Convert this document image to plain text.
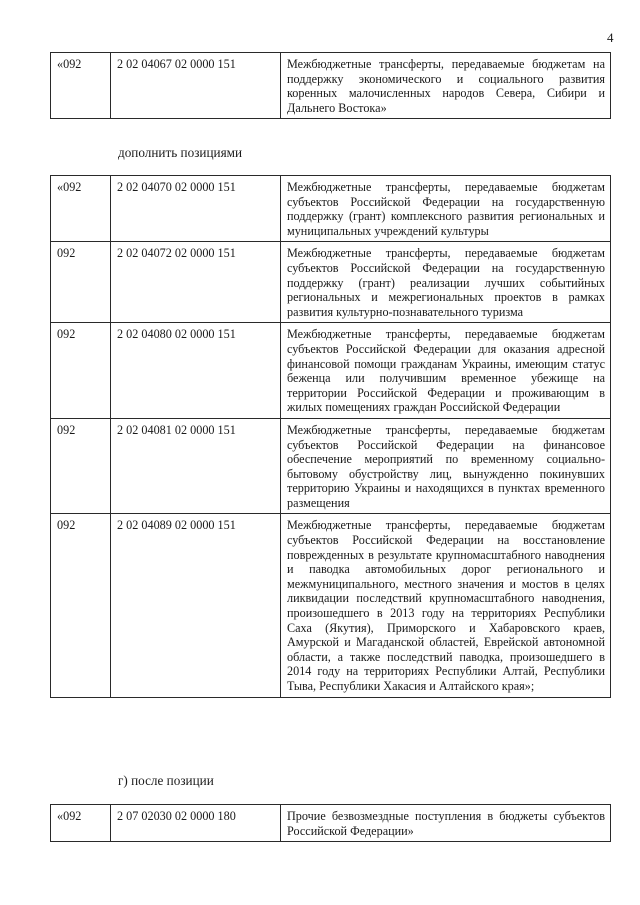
4
«092	2 02 04067 02 0000 151	Межбюджетные трансферты, передаваемые бюджетам на поддержку экономического и социального развития коренных малочисленных народов Севера, Сибири и Дальнего Востока»
дополнить позициями
«092	2 02 04070 02 0000 151	Межбюджетные трансферты, передаваемые бюджетам субъектов Российской Федерации на государственную поддержку (грант) комплексного развития региональных и муниципальных учреждений культуры
092	2 02 04072 02 0000 151	Межбюджетные трансферты, передаваемые бюджетам субъектов Российской Федерации на государственную поддержку (грант) реализации лучших событийных региональных и межрегиональных проектов в рамках развития культурно-познавательного туризма
092	2 02 04080 02 0000 151	Межбюджетные трансферты, передаваемые бюджетам субъектов Российской Федерации для оказания адресной финансовой помощи гражданам Украины, имеющим статус беженца или получившим временное убежище на территории Российской Федерации и проживающим в жилых помещениях граждан Российской Федерации
092	2 02 04081 02 0000 151	Межбюджетные трансферты, передаваемые бюджетам субъектов Российской Федерации на финансовое обеспечение мероприятий по временному социально-бытовому обустройству лиц, вынужденно покинувших территорию Украины и находящихся в пунктах временного размещения
092	2 02 04089 02 0000 151	Межбюджетные трансферты, передаваемые бюджетам субъектов Российской Федерации на восстановление поврежденных в результате крупномасштабного наводнения и паводка автомобильных дорог регионального и межмуниципального, местного значения и мостов в целях ликвидации последствий крупномасштабного наводнения, произошедшего в 2013 году на территориях Республики Саха (Якутия), Приморского и Хабаровского краев, Амурской и Магаданской областей, Еврейской автономной области, а также последствий паводка, произошедшего в 2014 году на территориях Республики Алтай, Республики Тыва, Республики Хакасия и Алтайского края»;
г) после позиции
«092	2 07 02030 02 0000 180	Прочие безвозмездные поступления в бюджеты субъектов Российской Федерации»
